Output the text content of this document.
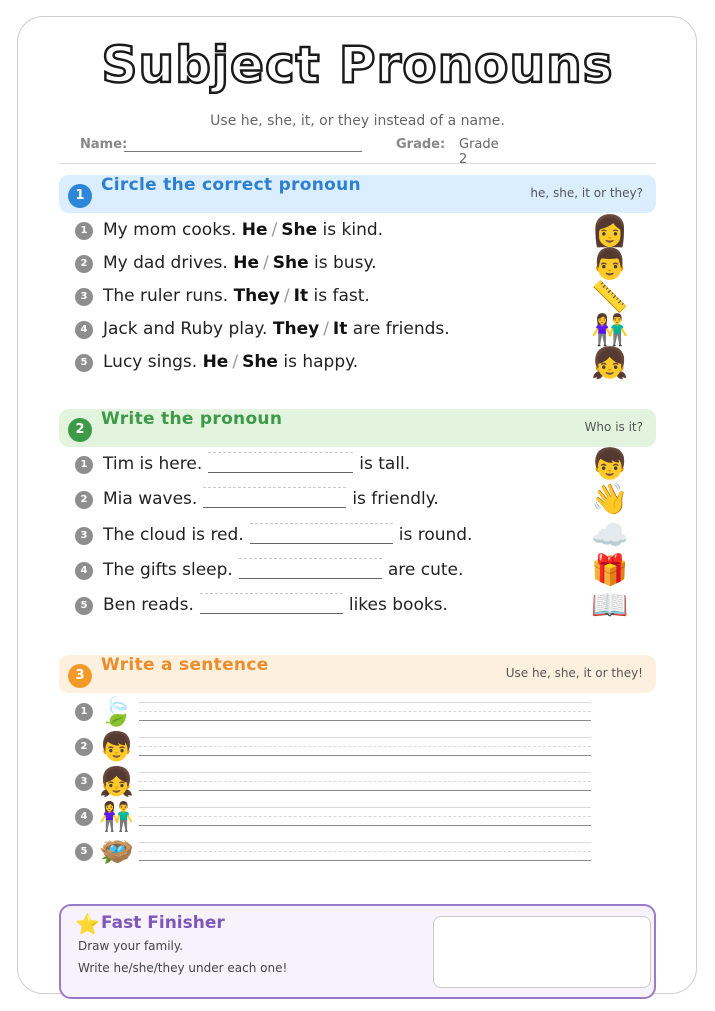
Subject Pronouns
Use he, she, it, or they instead of a name.
Name:	Grade: Grade 2
1
Circle the correct pronoun	he, she, it or they?
1 My mom cooks. He / She is kind.
2 My dad drives. He / She is busy.
3 The ruler runs. They / It is fast.
4 Jack and Ruby play. They / It are friends.
5 Lucy sings. He / She is happy.
👩
👨
📏
👫
👧
2
Write the pronoun	Who is it?
1 Tim is here.	is tall.
2 Mia waves.	is friendly.
3 The cloud is red.	is round.
4 The gifts sleep.	are cute.
5 Ben reads.	likes books.
👦
👋
☁️
🎁
📖
3
Write a sentence	Use he, she, it or they!
1 🍃
2 👦
3 👧
4 👫
5 🪺
⭐ Fast Finisher
Draw your family.
Write he/she/they under each one!
